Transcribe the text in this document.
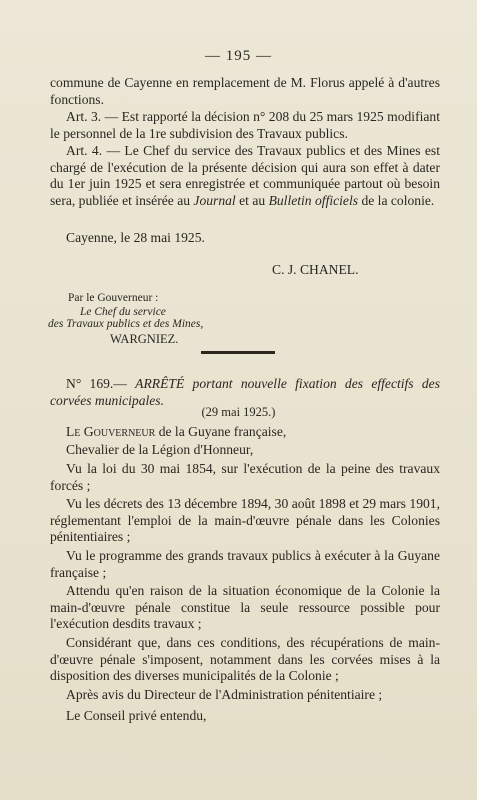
— 195 —

commune de Cayenne en remplacement de M. Florus appelé à d'autres fonctions.

Art. 3. — Est rapporté la décision n° 208 du 25 mars 1925 modifiant le personnel de la 1re subdivision des Travaux publics.

Art. 4. — Le Chef du service des Travaux publics et des Mines est chargé de l'exécution de la présente décision qui aura son effet à dater du 1er juin 1925 et sera enregistrée et communiquée partout où besoin sera, publiée et insérée au Journal et au Bulletin officiels de la colonie.

Cayenne, le 28 mai 1925.
C. J. CHANEL.
Par le Gouverneur :
Le Chef du service
des Travaux publics et des Mines,
WARGNIEZ.

N° 169.— ARRÊTÉ portant nouvelle fixation des effectifs des corvées municipales.

(29 mai 1925.)

Le Gouverneur de la Guyane française,

Chevalier de la Légion d'Honneur,
Vu la loi du 30 mai 1854, sur l'exécution de la peine des travaux forcés ;
Vu les décrets des 13 décembre 1894, 30 août 1898 et 29 mars 1901, réglementant l'emploi de la main-d'œuvre pénale dans les Colonies pénitentiaires ;
Vu le programme des grands travaux publics à exécuter à la Guyane française ;
Attendu qu'en raison de la situation économique de la Colonie la main-d'œuvre pénale constitue la seule ressource possible pour l'exécution desdits travaux ;
Considérant que, dans ces conditions, des récupérations de main-d'œuvre pénale s'imposent, notamment dans les corvées mises à la disposition des diverses municipalités de la Colonie ;
Après avis du Directeur de l'Administration pénitentiaire ;
Le Conseil privé entendu,
